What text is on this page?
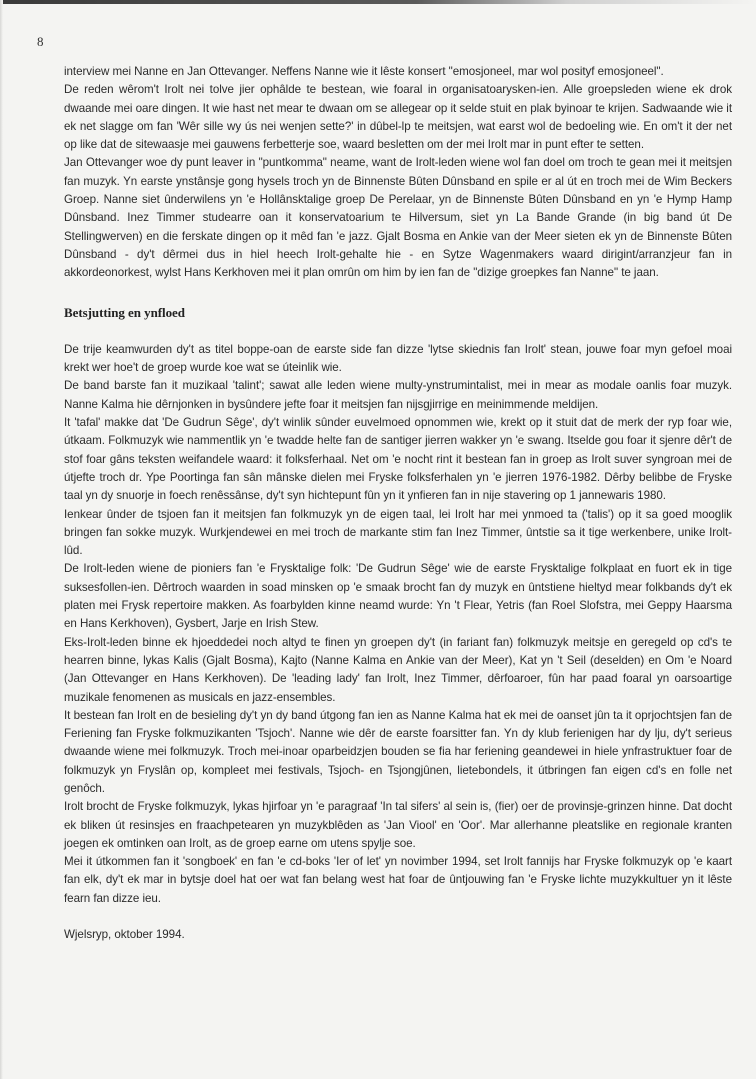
8

interview mei Nanne en Jan Ottevanger. Neffens Nanne wie it lêste konsert "emosjoneel, mar wol posityf emosjoneel".

De reden wêrom't Irolt nei tolve jier ophâlde te bestean, wie foaral in organisatoarysken-ien. Alle groepsleden wiene ek drok dwaande mei oare dingen. It wie hast net mear te dwaan om se allegear op it selde stuit en plak byinoar te krijen. Sadwaande wie it ek net slagge om fan 'Wêr sille wy ús nei wenjen sette?' in dûbel-lp te meitsjen, wat earst wol de bedoeling wie. En om't it der net op like dat de sitewaasje mei gauwens ferbetterje soe, waard besletten om der mei Irolt mar in punt efter te setten.

Jan Ottevanger woe dy punt leaver in "puntkomma" neame, want de Irolt-leden wiene wol fan doel om troch te gean mei it meitsjen fan muzyk. Yn earste ynstânsje gong hysels troch yn de Binnenste Bûten Dûnsband en spile er al út en troch mei de Wim Beckers Groep. Nanne siet ûnderwilens yn 'e Hollânsktalige groep De Perelaar, yn de Binnenste Bûten Dûnsband en yn 'e Hymp Hamp Dûnsband. Inez Timmer studearre oan it konservatoarium te Hilversum, siet yn La Bande Grande (in big band út De Stellingwerven) en die ferskate dingen op it mêd fan 'e jazz. Gjalt Bosma en Ankie van der Meer sieten ek yn de Binnenste Bûten Dûnsband - dy't dêrmei dus in hiel heech Irolt-gehalte hie - en Sytze Wagenmakers waard dirigint/arranzjeur fan in akkordeonorkest, wylst Hans Kerkhoven mei it plan omrûn om him by ien fan de "dizige groepkes fan Nanne" te jaan.

Betsjutting en ynfloed

De trije keamwurden dy't as titel boppe-oan de earste side fan dizze 'lytse skiednis fan Irolt' stean, jouwe foar myn gefoel moai krekt wer hoe't de groep wurde koe wat se úteinlik wie.

De band barste fan it muzikaal 'talint'; sawat alle leden wiene multy-ynstrumintalist, mei in mear as modale oanlis foar muzyk. Nanne Kalma hie dêrnjonken in bysûndere jefte foar it meitsjen fan nijsgjirrige en meinimmende meldijen.

It 'tafal' makke dat 'De Gudrun Sêge', dy't winlik sûnder euvelmoed opnommen wie, krekt op it stuit dat de merk der ryp foar wie, útkaam. Folkmuzyk wie nammentlik yn 'e twadde helte fan de santiger jierren wakker yn 'e swang. Itselde gou foar it sjenre dêr't de stof foar gâns teksten weifandele waard: it folksferhaal. Net om 'e nocht rint it bestean fan in groep as Irolt suver syngroan mei de útjefte troch dr. Ype Poortinga fan sân mânske dielen mei Fryske folksferhalen yn 'e jierren 1976-1982. Dêrby belibbe de Fryske taal yn dy snuorje in foech renêssânse, dy't syn hichtepunt fûn yn it ynfieren fan in nije stavering op 1 jannewaris 1980.

Ienkear ûnder de tsjoen fan it meitsjen fan folkmuzyk yn de eigen taal, lei Irolt har mei ynmoed ta ('talis') op it sa goed mooglik bringen fan sokke muzyk. Wurkjendewei en mei troch de markante stim fan Inez Timmer, ûntstie sa it tige werkenbere, unike Irolt-lûd.

De Irolt-leden wiene de pioniers fan 'e Frysktalige folk: 'De Gudrun Sêge' wie de earste Frysktalige folkplaat en fuort ek in tige suksesfollen-ien. Dêrtroch waarden in soad minsken op 'e smaak brocht fan dy muzyk en ûntstiene hieltyd mear folkbands dy't ek platen mei Frysk repertoire makken. As foarbylden kinne neamd wurde: Yn 't Flear, Yetris (fan Roel Slofstra, mei Geppy Haarsma en Hans Kerkhoven), Gysbert, Jarje en Irish Stew.

Eks-Irolt-leden binne ek hjoeddedei noch altyd te finen yn groepen dy't (in fariant fan) folkmuzyk meitsje en geregeld op cd's te hearren binne, lykas Kalis (Gjalt Bosma), Kajto (Nanne Kalma en Ankie van der Meer), Kat yn 't Seil (deselden) en Om 'e Noard (Jan Ottevanger en Hans Kerkhoven). De 'leading lady' fan Irolt, Inez Timmer, dêrfoaroer, fûn har paad foaral yn oarsoartige muzikale fenomenen as musicals en jazz-ensembles.

It bestean fan Irolt en de besieling dy't yn dy band útgong fan ien as Nanne Kalma hat ek mei de oanset jûn ta it oprjochtsjen fan de Feriening fan Fryske folkmuzikanten 'Tsjoch'. Nanne wie dêr de earste foarsitter fan. Yn dy klub ferienigen har dy lju, dy't serieus dwaande wiene mei folkmuzyk. Troch mei-inoar oparbeidzjen bouden se fia har feriening geandewei in hiele ynfrastruktuer foar de folkmuzyk yn Fryslân op, kompleet mei festivals, Tsjoch- en Tsjongjûnen, lietebondels, it útbringen fan eigen cd's en folle net genôch.

Irolt brocht de Fryske folkmuzyk, lykas hjirfoar yn 'e paragraaf 'In tal sifers' al sein is, (fier) oer de provinsje-grinzen hinne. Dat docht ek bliken út resinsjes en fraachpetearen yn muzykblêden as 'Jan Viool' en 'Oor'. Mar allerhanne pleatslike en regionale kranten joegen ek omtinken oan Irolt, as de groep earne om utens spylje soe.

Mei it útkommen fan it 'songboek' en fan 'e cd-boks 'Ier of let' yn novimber 1994, set Irolt fannijs har Fryske folkmuzyk op 'e kaart fan elk, dy't ek mar in bytsje doel hat oer wat fan belang west hat foar de ûntjouwing fan 'e Fryske lichte muzykkultuer yn it lêste fearn fan dizze ieu.

Wjelsryp, oktober 1994.
